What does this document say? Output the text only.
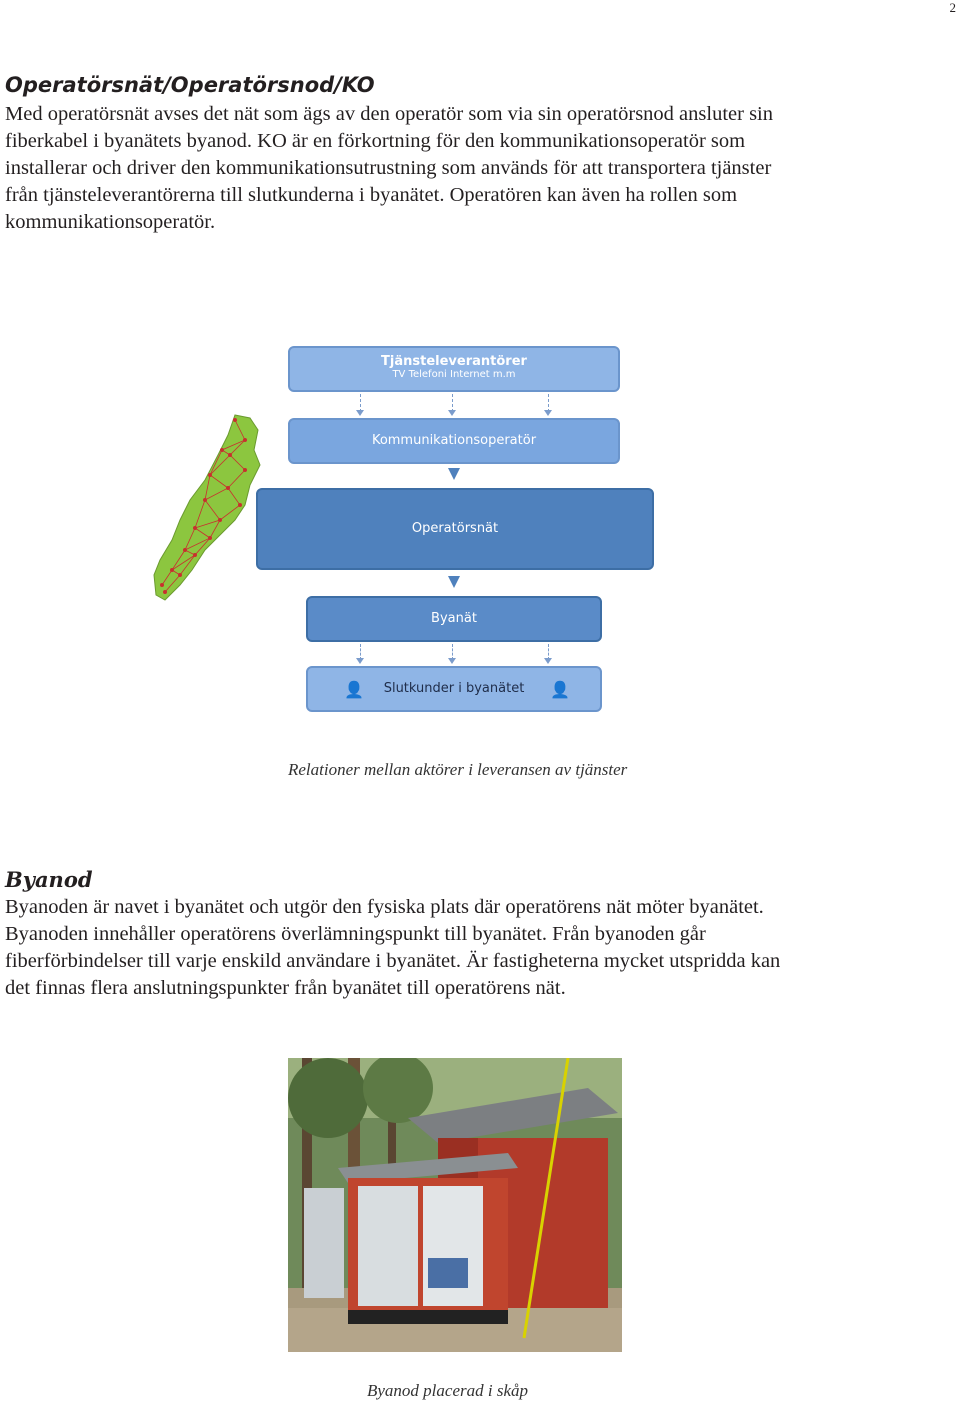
2
Operatörsnät/Operatörsnod/KO

Med operatörsnät avses det nät som ägs av den operatör som via sin operatörsnod ansluter sin

fiberkabel i byanätets byanod. KO är en förkortning för den kommunikationsoperatör som

installerar och driver den kommunikationsutrustning som används för att transportera tjänster

från tjänsteleverantörerna till slutkunderna i byanätet. Operatören kan även ha rollen som

kommunikationsoperatör.

Tjänsteleverantörer
TV Telefoni Internet m.m
Kommunikationsoperatör
Operatörsnät
Byanät
👤	Slutkunder i byanätet	👤
Relationer mellan aktörer i leveransen av tjänster
Byanod

Byanoden är navet i byanätet och utgör den fysiska plats där operatörens nät möter byanätet.

Byanoden innehåller operatörens överlämningspunkt till byanätet. Från byanoden går

fiberförbindelser till varje enskild användare i byanätet. Är fastigheterna mycket utspridda kan

det finnas flera anslutningspunkter från byanätet till operatörens nät.

Byanod placerad i skåp
